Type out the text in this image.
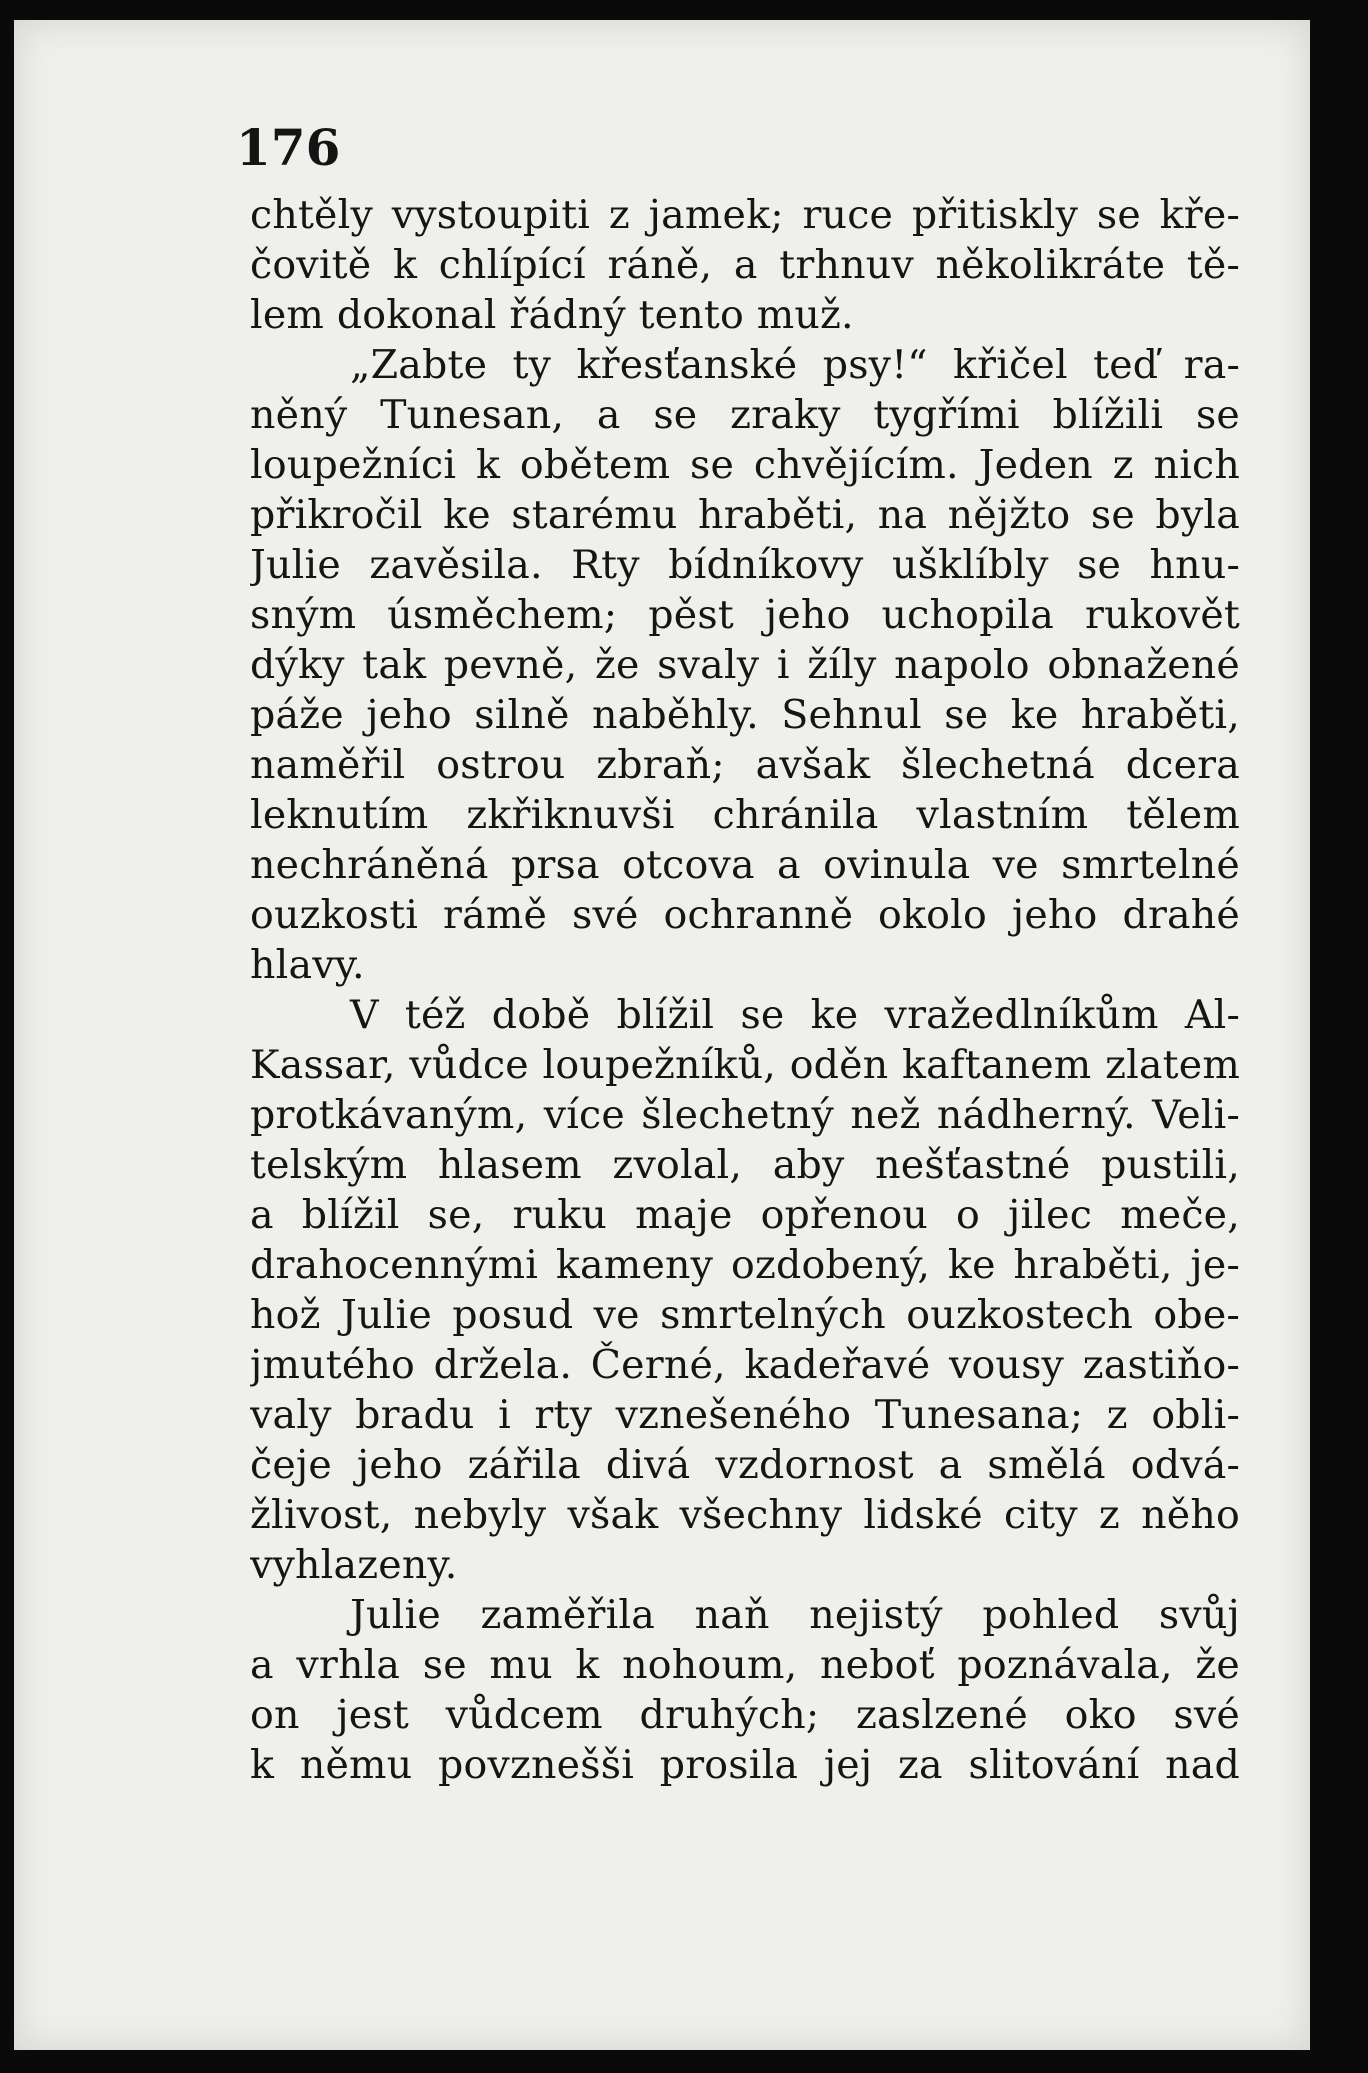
176
chtěly vystoupiti z jamek; ruce přitiskly se kře-
čovitě k chlípící ráně, a trhnuv několikráte tě-
lem dokonal řádný tento muž.
„Zabte ty křesťanské psy!“ křičel teď ra-
něný Tunesan, a se zraky tygřími blížili se
loupežníci k obětem se chvějícím. Jeden z nich
přikročil ke starému hraběti, na nějžto se byla
Julie zavěsila. Rty bídníkovy ušklíbly se hnu-
sným úsměchem; pěst jeho uchopila rukovět
dýky tak pevně, že svaly i žíly napolo obnažené
páže jeho silně naběhly. Sehnul se ke hraběti,
naměřil ostrou zbraň; avšak šlechetná dcera
leknutím zkřiknuvši chránila vlastním tělem
nechráněná prsa otcova a ovinula ve smrtelné
ouzkosti rámě své ochranně okolo jeho drahé
hlavy.
V též době blížil se ke vražedlníkům Al-
Kassar, vůdce loupežníků, oděn kaftanem zlatem
protkávaným, více šlechetný než nádherný. Veli-
telským hlasem zvolal, aby nešťastné pustili,
a blížil se, ruku maje opřenou o jilec meče,
drahocennými kameny ozdobený, ke hraběti, je-
hož Julie posud ve smrtelných ouzkostech obe-
jmutého držela. Černé, kadeřavé vousy zastiňo-
valy bradu i rty vznešeného Tunesana; z obli-
čeje jeho zářila divá vzdornost a smělá odvá-
žlivost, nebyly však všechny lidské city z něho
vyhlazeny.
Julie zaměřila naň nejistý pohled svůj
a vrhla se mu k nohoum, neboť poznávala, že
on jest vůdcem druhých; zaslzené oko své
k němu povznešši prosila jej za slitování nad
